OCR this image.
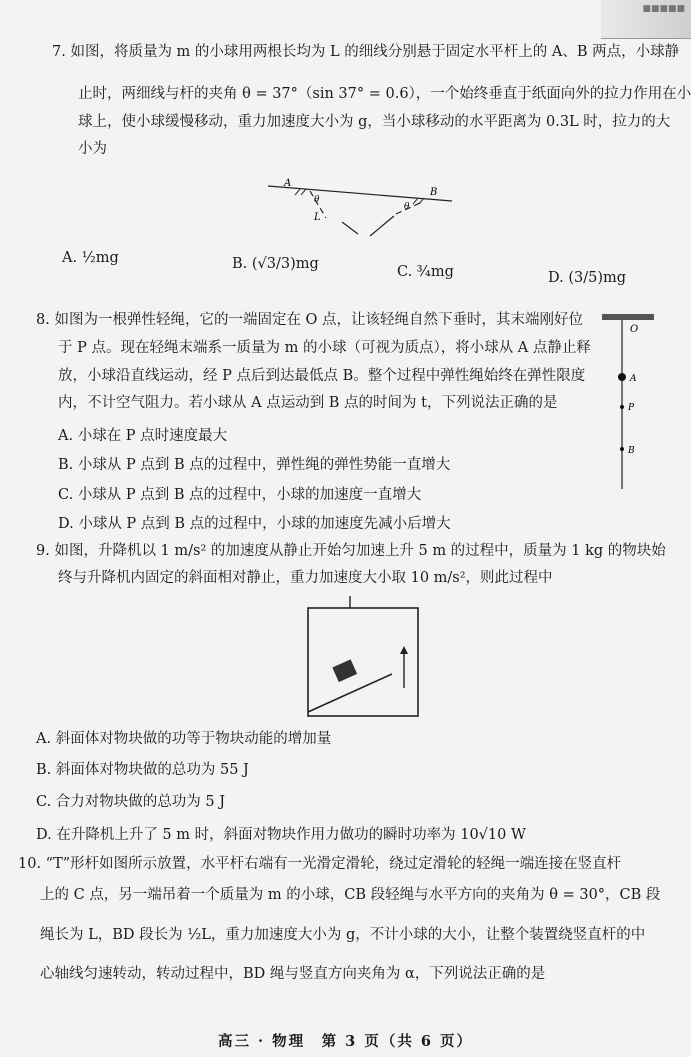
■■■■■
7. 如图，将质量为 m 的小球用两根长均为 L 的细线分别悬于固定水平杆上的 A、B 两点，小球静
止时，两细线与杆的夹角 θ = 37°（sin 37° = 0.6），一个始终垂直于纸面向外的拉力作用在小
球上，使小球缓慢移动，重力加速度大小为 g，当小球移动的水平距离为 0.3L 时，拉力的大
小为
A
B
L
θ
θ
A. ½mg	B. (√3/3)mg	C. ¾mg	D. (3/5)mg
8. 如图为一根弹性轻绳，它的一端固定在 O 点，让该轻绳自然下垂时，其末端刚好位
于 P 点。现在轻绳末端系一质量为 m 的小球（可视为质点），将小球从 A 点静止释
放，小球沿直线运动，经 P 点后到达最低点 B。整个过程中弹性绳始终在弹性限度
内，不计空气阻力。若小球从 A 点运动到 B 点的时间为 t，下列说法正确的是
A. 小球在 P 点时速度最大
B. 小球从 P 点到 B 点的过程中，弹性绳的弹性势能一直增大
C. 小球从 P 点到 B 点的过程中，小球的加速度一直增大
D. 小球从 P 点到 B 点的过程中，小球的加速度先减小后增大
O
A
P
B
9. 如图，升降机以 1 m/s² 的加速度从静止开始匀加速上升 5 m 的过程中，质量为 1 kg 的物块始
终与升降机内固定的斜面相对静止，重力加速度大小取 10 m/s²，则此过程中
A. 斜面体对物块做的功等于物块动能的增加量
B. 斜面体对物块做的总功为 55 J
C. 合力对物块做的总功为 5 J
D. 在升降机上升了 5 m 时，斜面对物块作用力做功的瞬时功率为 10√10 W
10. “T”形杆如图所示放置，水平杆右端有一光滑定滑轮，绕过定滑轮的轻绳一端连接在竖直杆
上的 C 点，另一端吊着一个质量为 m 的小球，CB 段轻绳与水平方向的夹角为 θ = 30°，CB 段
绳长为 L，BD 段长为 ½L，重力加速度大小为 g，不计小球的大小，让整个装置绕竖直杆的中
心轴线匀速转动，转动过程中，BD 绳与竖直方向夹角为 α，下列说法正确的是
高三 · 物理　第 3 页（共 6 页）
